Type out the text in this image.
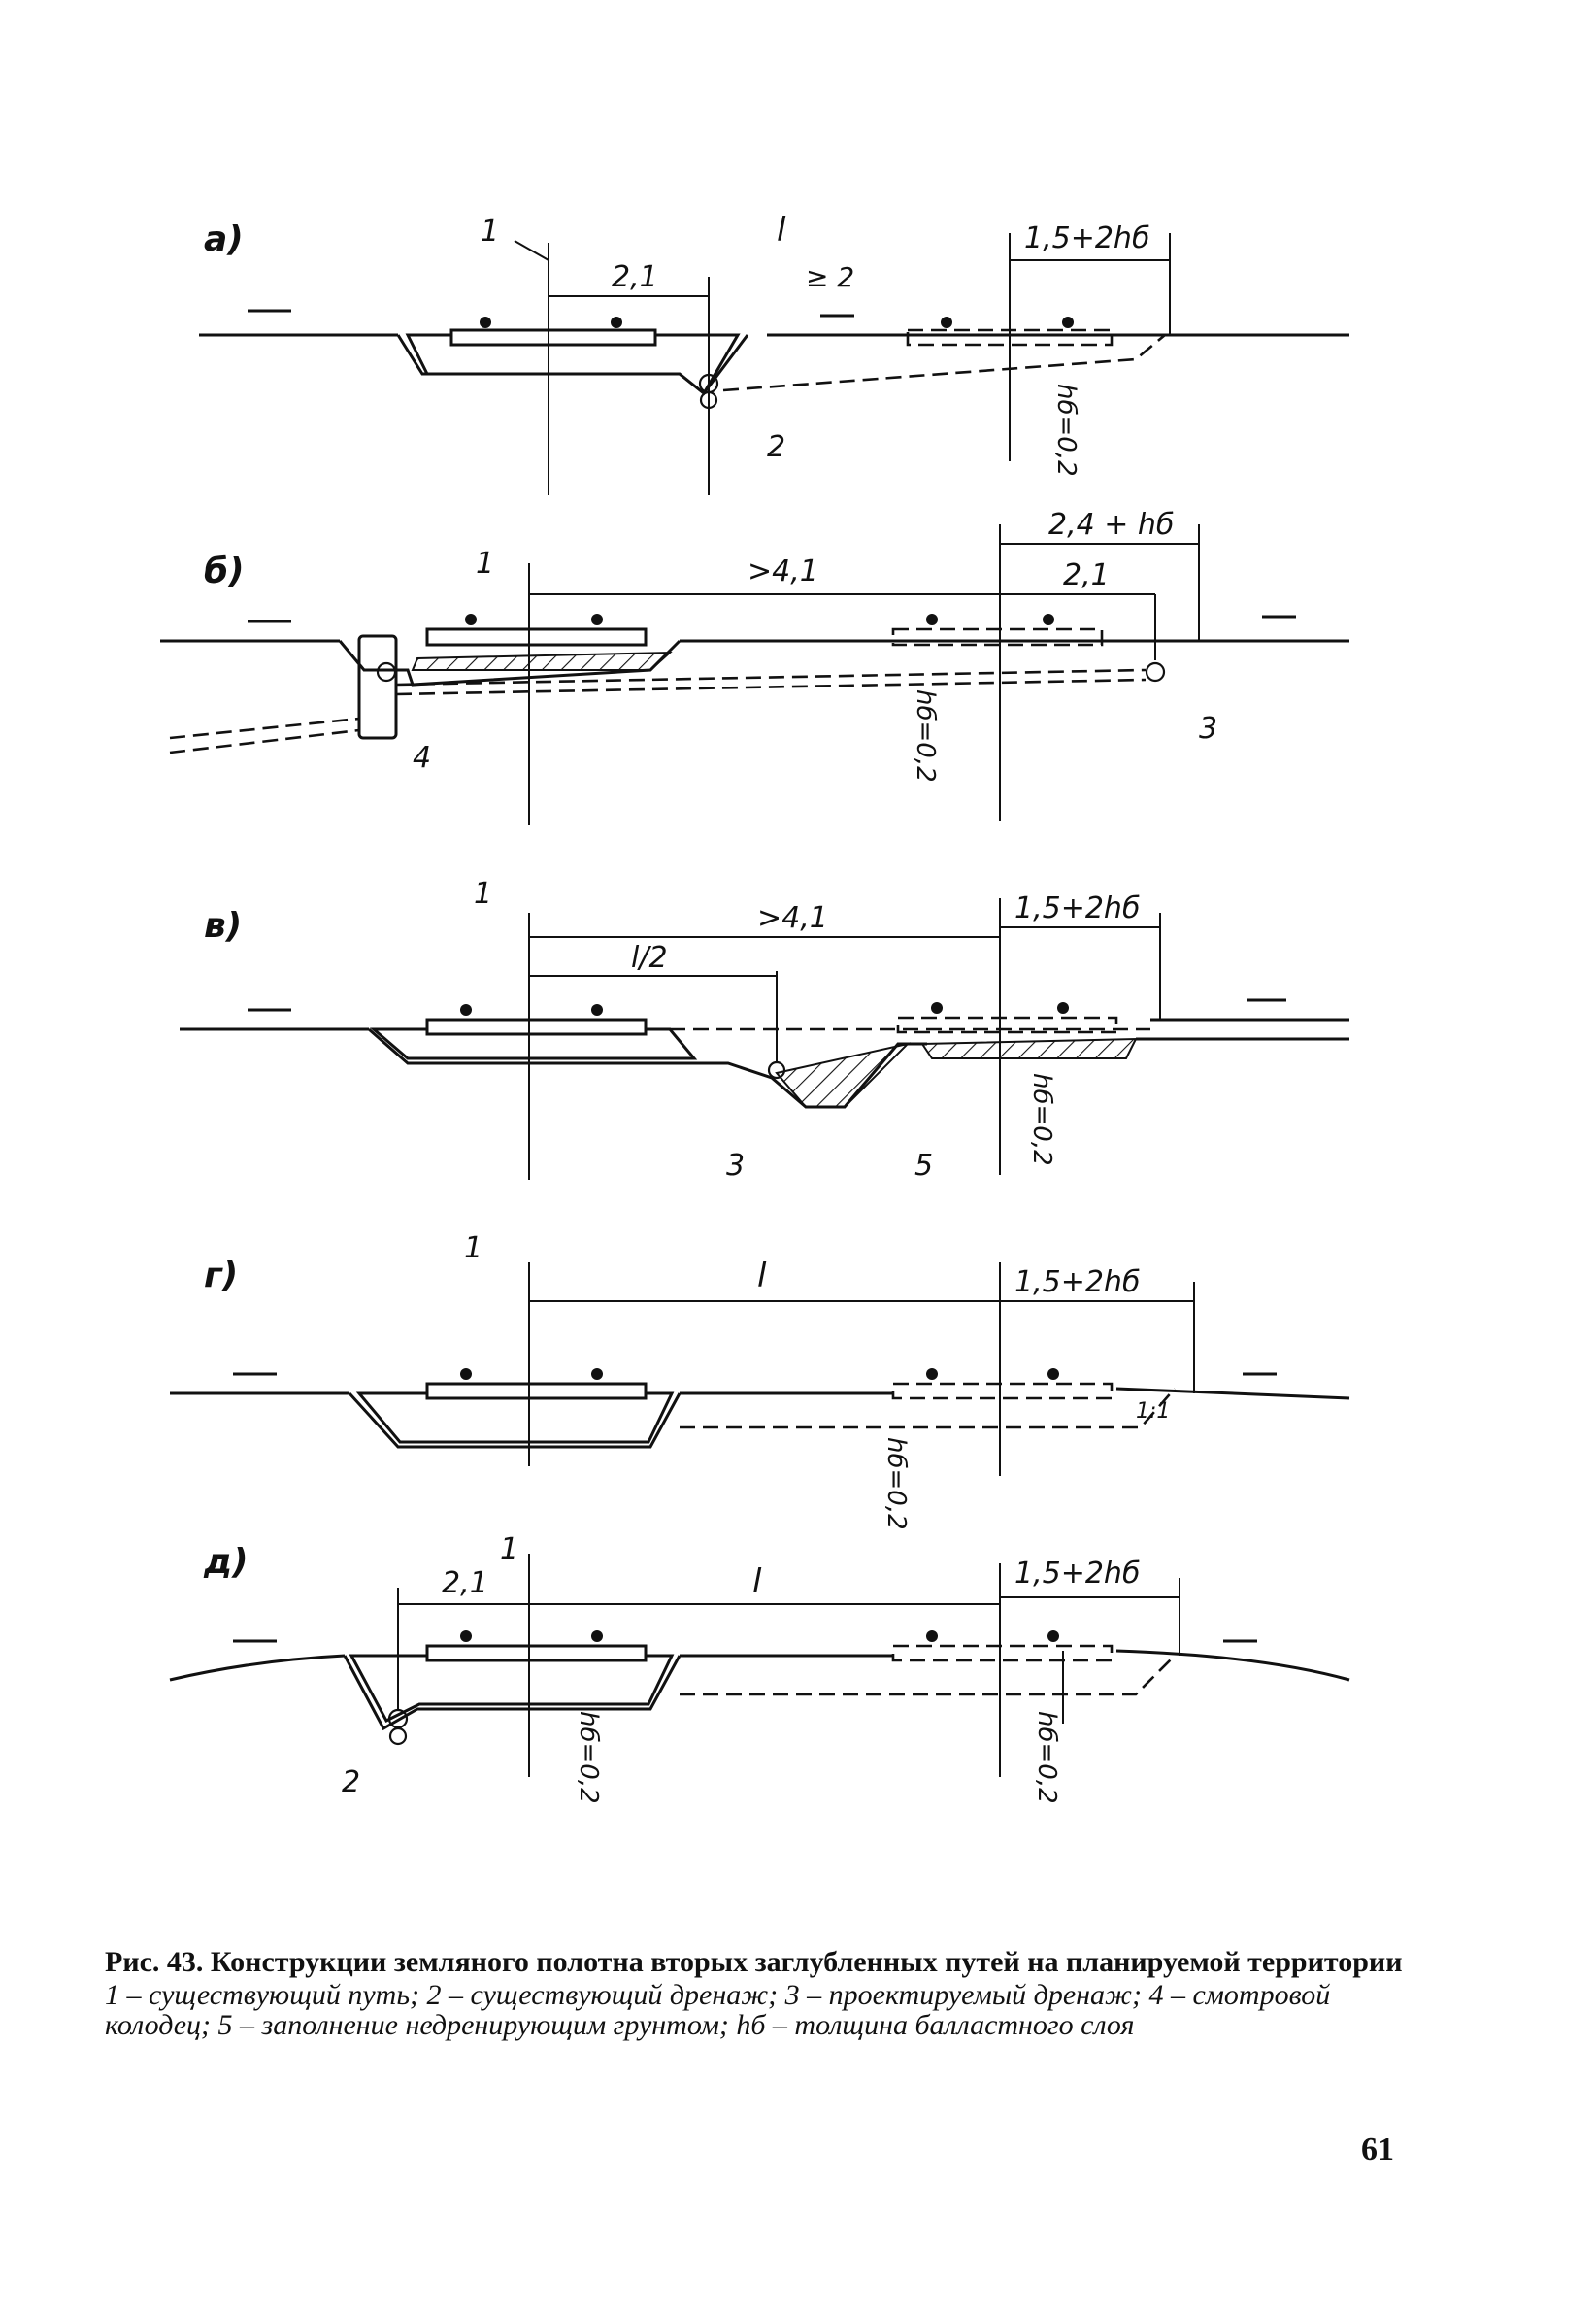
а)	1
2,1
l
≥ 2
1,5+2hб
hб=0,2
2
б)	1	>4,1
2,4 + hб
2,1
hб=0,2	3
4
в)
1
>4,1
l/2
1,5+2hб
hб=0,2
3	5
г)
1
l	1,5+2hб
hб=0,2
1:1
д)	1
2,1	l	1,5+2hб
hб=0,2	hб=0,2
2
Рис. 43. Конструкции земляного полотна вторых заглубленных путей на планируемой территории
1 – существующий путь; 2 – существующий дренаж; 3 – проектируемый дренаж; 4 – смотровой колодец; 5 – заполнение недренирующим грунтом; hб – толщина балластного слоя
61
